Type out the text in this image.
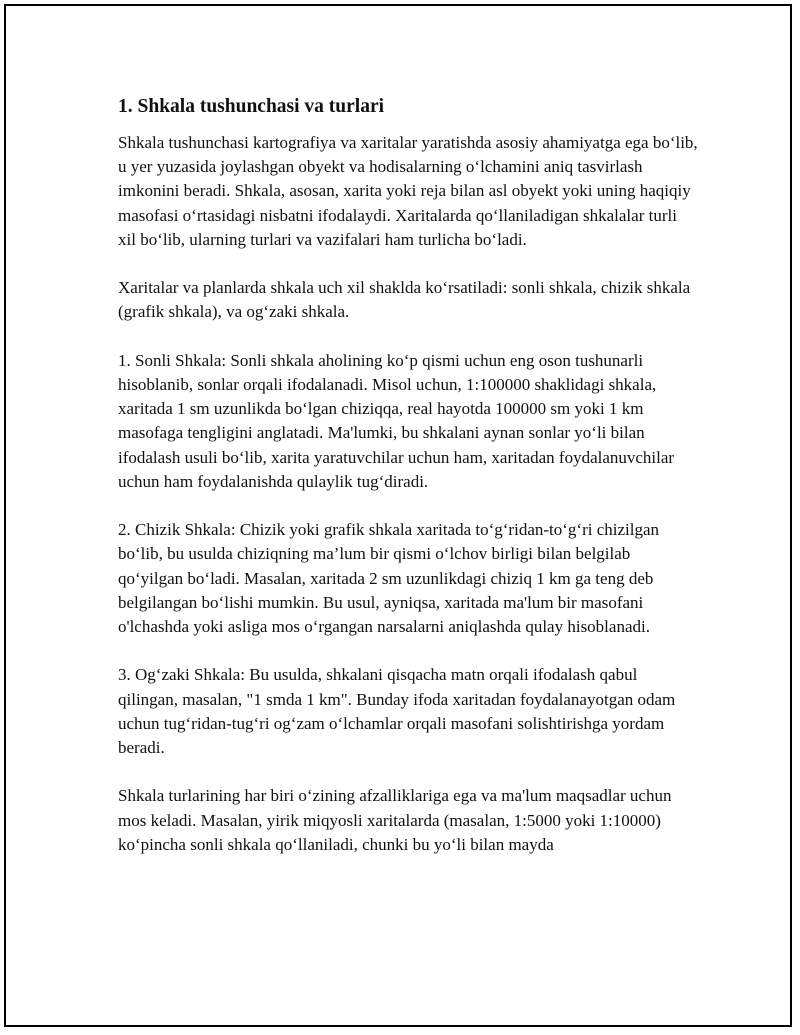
1. Shkala tushunchasi va turlari

Shkala tushunchasi kartografiya va xaritalar yaratishda asosiy ahamiyatga ega bo‘lib, u yer yuzasida joylashgan obyekt va hodisalarning o‘lchamini aniq tasvirlash imkonini beradi. Shkala, asosan, xarita yoki reja bilan asl obyekt yoki uning haqiqiy masofasi o‘rtasidagi nisbatni ifodalaydi. Xaritalarda qo‘llaniladigan shkalalar turli xil bo‘lib, ularning turlari va vazifalari ham turlicha bo‘ladi.

Xaritalar va planlarda shkala uch xil shaklda ko‘rsatiladi: sonli shkala, chizik shkala (grafik shkala), va og‘zaki shkala.

1. Sonli Shkala: Sonli shkala aholining ko‘p qismi uchun eng oson tushunarli hisoblanib, sonlar orqali ifodalanadi. Misol uchun, 1:100000 shaklidagi shkala, xaritada 1 sm uzunlikda bo‘lgan chiziqqa, real hayotda 100000 sm yoki 1 km masofaga tengligini anglatadi. Ma'lumki, bu shkalani aynan sonlar yo‘li bilan ifodalash usuli bo‘lib, xarita yaratuvchilar uchun ham, xaritadan foydalanuvchilar uchun ham foydalanishda qulaylik tug‘diradi.

2. Chizik Shkala: Chizik yoki grafik shkala xaritada to‘g‘ridan-to‘g‘ri chizilgan bo‘lib, bu usulda chiziqning ma’lum bir qismi o‘lchov birligi bilan belgilab qo‘yilgan bo‘ladi. Masalan, xaritada 2 sm uzunlikdagi chiziq 1 km ga teng deb belgilangan bo‘lishi mumkin. Bu usul, ayniqsa, xaritada ma'lum bir masofani o'lchashda yoki asliga mos o‘rgangan narsalarni aniqlashda qulay hisoblanadi.

3. Og‘zaki Shkala: Bu usulda, shkalani qisqacha matn orqali ifodalash qabul qilingan, masalan, "1 smda 1 km". Bunday ifoda xaritadan foydalanayotgan odam uchun tug‘ridan-tug‘ri og‘zam o‘lchamlar orqali masofani solishtirishga yordam beradi.

Shkala turlarining har biri o‘zining afzalliklariga ega va ma'lum maqsadlar uchun mos keladi. Masalan, yirik miqyosli xaritalarda (masalan, 1:5000 yoki 1:10000) ko‘pincha sonli shkala qo‘llaniladi, chunki bu yo‘li bilan mayda
